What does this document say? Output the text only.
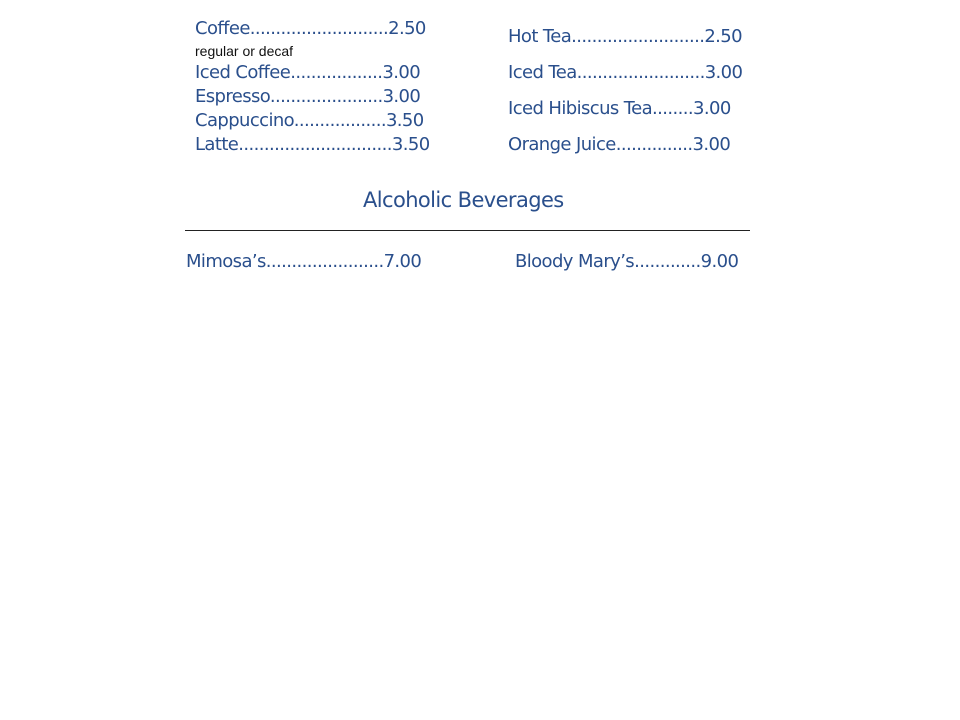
Coffee...........................2.50
regular or decaf
Iced Coffee..................3.00
Espresso......................3.00
Cappuccino..................3.50
Latte..............................3.50
Hot Tea..........................2.50
Iced Tea.........................3.00
Iced Hibiscus Tea........3.00
Orange Juice...............3.00
Alcoholic Beverages
Mimosa’s.......................7.00	Bloody Mary’s.............9.00
